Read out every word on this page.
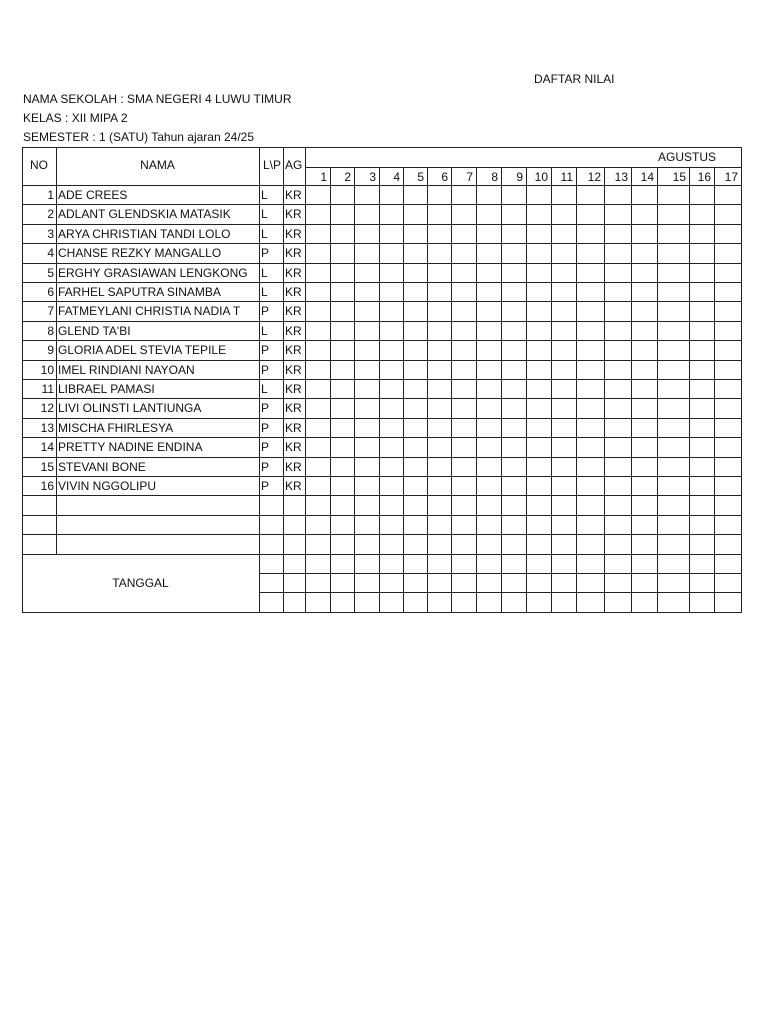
DAFTAR NILAI
NAMA SEKOLAH : SMA NEGERI 4 LUWU TIMUR
KELAS : XII MIPA 2
SEMESTER : 1 (SATU) Tahun ajaran 24/25
NO	NAMA	L\P AG
AGUSTUS
1	2	3	4	5	6	7	8	9 10	11	12	13	14	15 16	17
1 ADE CREES	L KR
2 ADLANT GLENDSKIA MATASIK	L KR
3 ARYA CHRISTIAN TANDI LOLO	L KR
4 CHANSE REZKY MANGALLO	P KR
5 ERGHY GRASIAWAN LENGKONG L KR
6 FARHEL SAPUTRA SINAMBA	L KR
7 FATMEYLANI CHRISTIA NADIA T P KR
8 GLEND TA'BI	L KR
9 GLORIA ADEL STEVIA TEPILE	P KR
10 IMEL RINDIANI NAYOAN	P KR
11 LIBRAEL PAMASI	L KR
12 LIVI OLINSTI LANTIUNGA	P KR
13 MISCHA FHIRLESYA	P KR
14 PRETTY NADINE ENDINA	P KR
15 STEVANI BONE	P KR
16 VIVIN NGGOLIPU	P KR
TANGGAL
